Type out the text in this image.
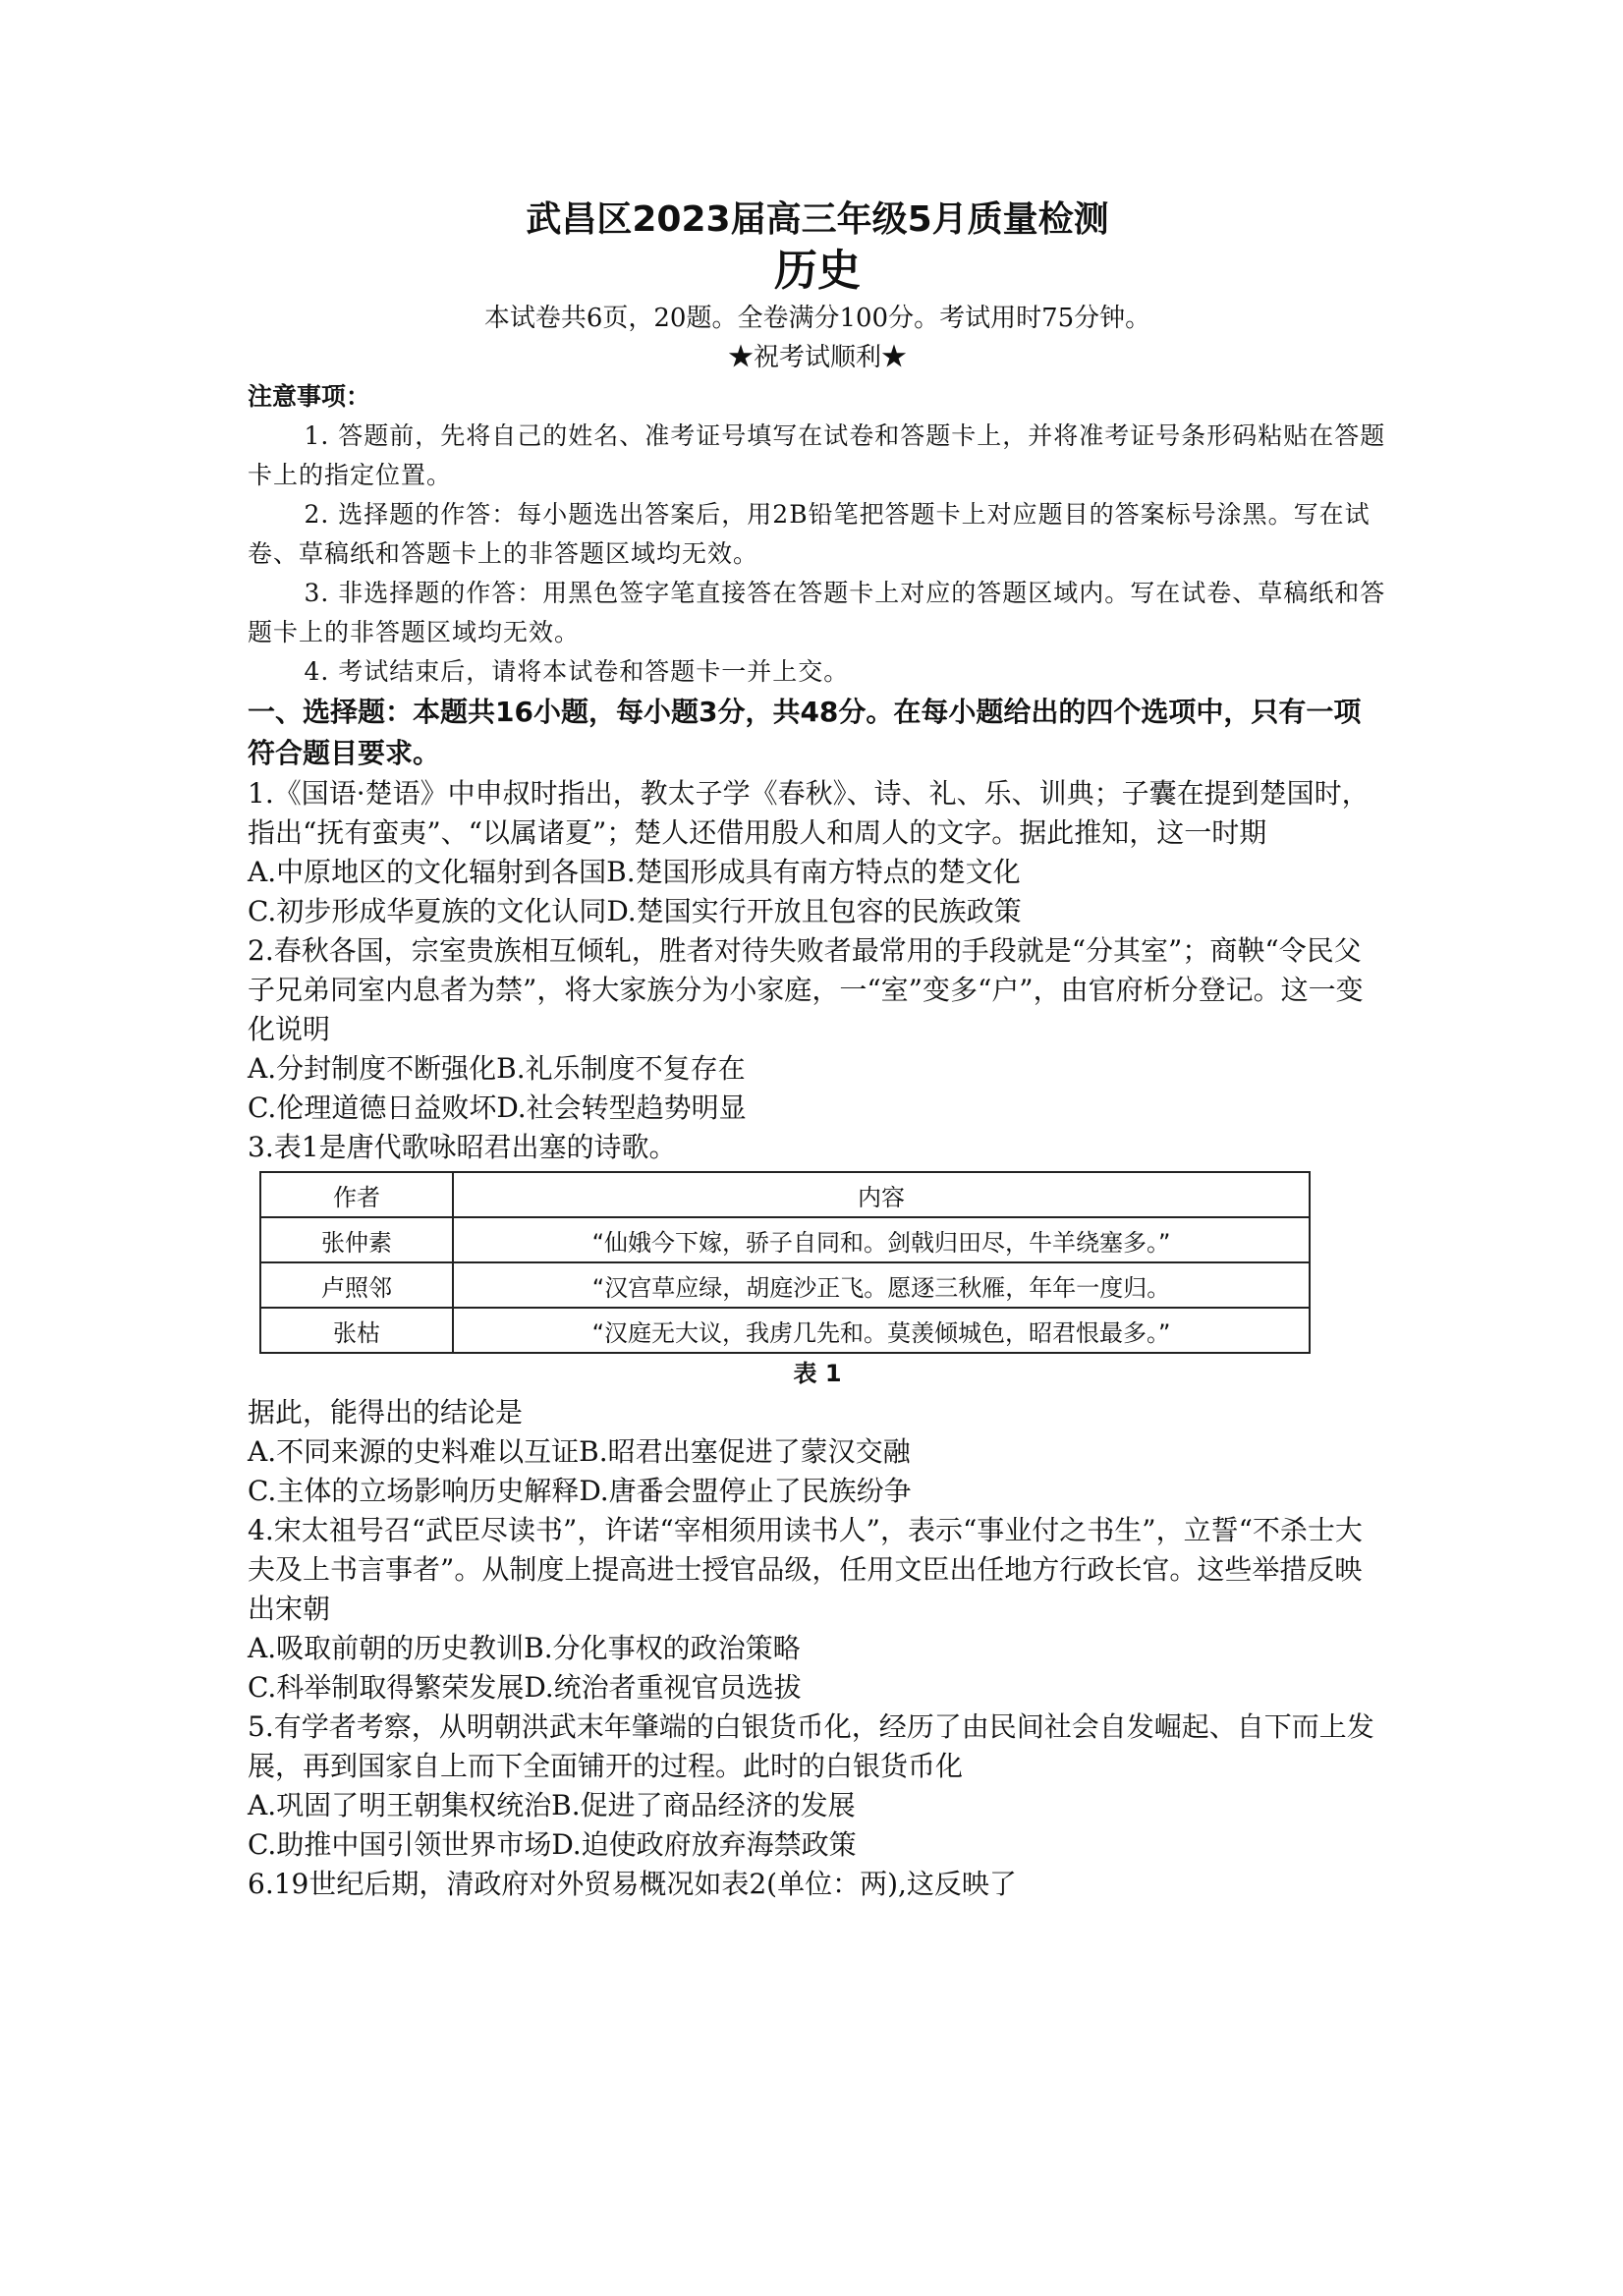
武昌区2023届高三年级5月质量检测

历史

本试卷共6页，20题。全卷满分100分。考试用时75分钟。

★祝考试顺利★

注意事项：

1. 答题前，先将自己的姓名、准考证号填写在试卷和答题卡上，并将准考证号条形码粘贴在答题卡上的指定位置。

2. 选择题的作答：每小题选出答案后，用2B铅笔把答题卡上对应题目的答案标号涂黑。写在试卷、草稿纸和答题卡上的非答题区域均无效。

3. 非选择题的作答：用黑色签字笔直接答在答题卡上对应的答题区域内。写在试卷、草稿纸和答题卡上的非答题区域均无效。

4. 考试结束后，请将本试卷和答题卡一并上交。

一、选择题：本题共16小题，每小题3分，共48分。在每小题给出的四个选项中，只有一项符合题目要求。

1.《国语·楚语》中申叔时指出，教太子学《春秋》、诗、礼、乐、训典；子囊在提到楚国时，指出“抚有蛮夷”、“以属诸夏”；楚人还借用殷人和周人的文字。据此推知，这一时期

A.中原地区的文化辐射到各国B.楚国形成具有南方特点的楚文化

C.初步形成华夏族的文化认同D.楚国实行开放且包容的民族政策

2.春秋各国，宗室贵族相互倾轧，胜者对待失败者最常用的手段就是“分其室”；商鞅“令民父子兄弟同室内息者为禁”，将大家族分为小家庭，一“室”变多“户”，由官府析分登记。这一变化说明

A.分封制度不断强化B.礼乐制度不复存在

C.伦理道德日益败坏D.社会转型趋势明显

3.表1是唐代歌咏昭君出塞的诗歌。

作者	内容
张仲素	“仙娥今下嫁，骄子自同和。剑戟归田尽，牛羊绕塞多。”
卢照邻	“汉宫草应绿，胡庭沙正飞。愿逐三秋雁，年年一度归。
张枯	“汉庭无大议，我虏几先和。莫羡倾城色，昭君恨最多。”

表 1

据此，能得出的结论是

A.不同来源的史料难以互证B.昭君出塞促进了蒙汉交融

C.主体的立场影响历史解释D.唐番会盟停止了民族纷争

4.宋太祖号召“武臣尽读书”，许诺“宰相须用读书人”，表示“事业付之书生”，立誓“不杀士大夫及上书言事者”。从制度上提高进士授官品级，任用文臣出任地方行政长官。这些举措反映出宋朝

A.吸取前朝的历史教训B.分化事权的政治策略

C.科举制取得繁荣发展D.统治者重视官员选拔

5.有学者考察，从明朝洪武末年肇端的白银货币化，经历了由民间社会自发崛起、自下而上发展，再到国家自上而下全面铺开的过程。此时的白银货币化

A.巩固了明王朝集权统治B.促进了商品经济的发展

C.助推中国引领世界市场D.迫使政府放弃海禁政策

6.19世纪后期，清政府对外贸易概况如表2(单位：两),这反映了
